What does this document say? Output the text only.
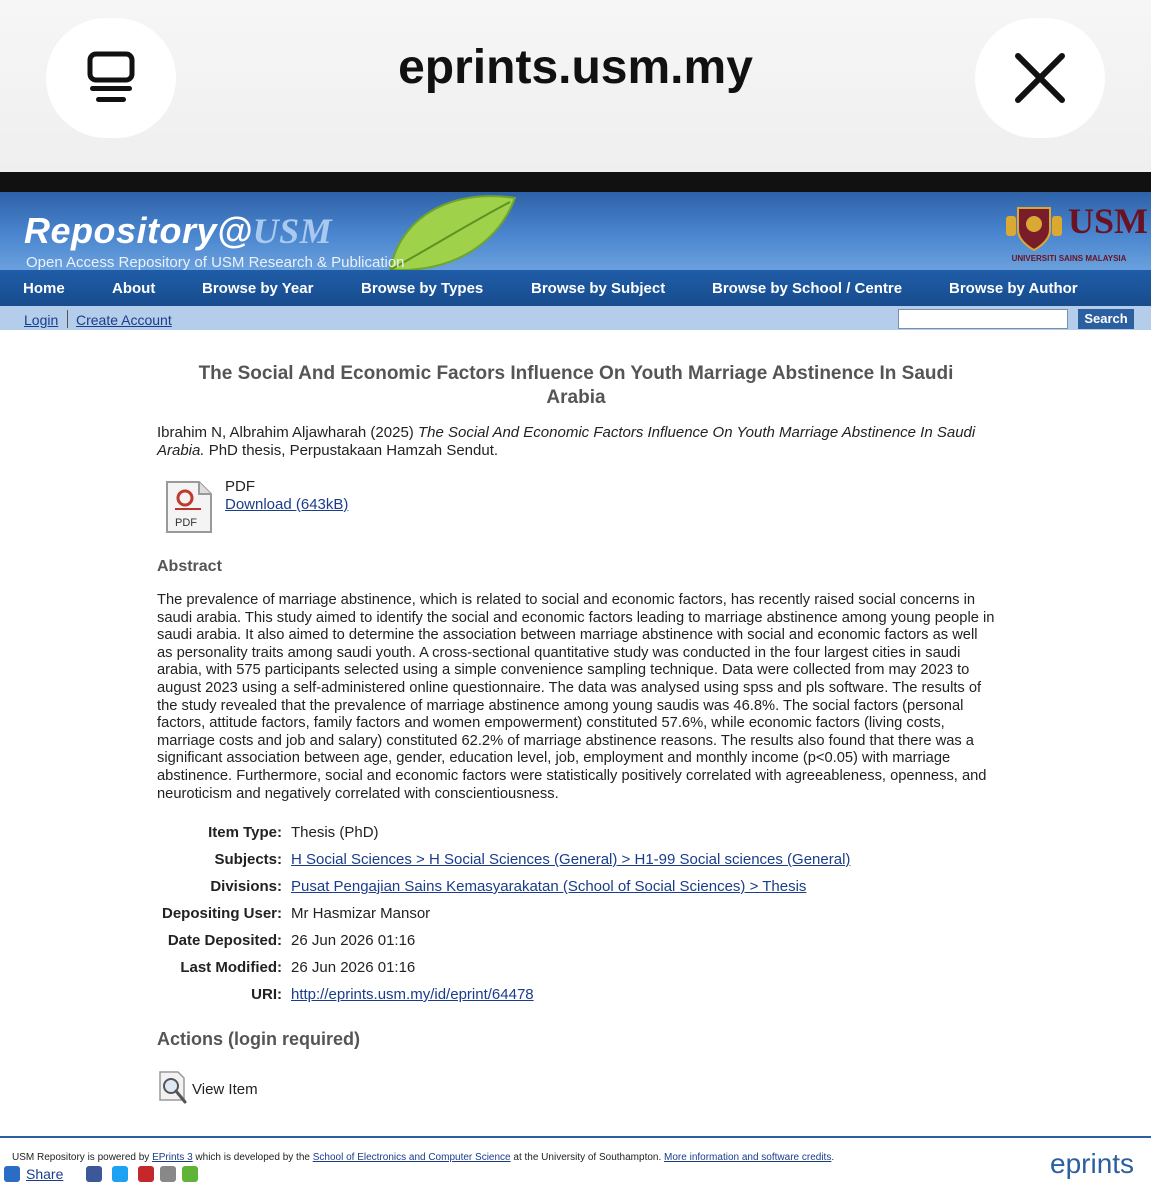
eprints.usm.my
Repository@USM
Open Access Repository of USM Research & Publication
USM
UNIVERSITI SAINS MALAYSIA
Home	About	Browse by Year	Browse by Types	Browse by Subject	Browse by School / Centre	Browse by Author
Login Create Account	Search
The Social And Economic Factors Influence On Youth Marriage Abstinence In Saudi Arabia
Ibrahim N, Albrahim Aljawharah (2025) The Social And Economic Factors Influence On Youth Marriage Abstinence In Saudi Arabia. PhD thesis, Perpustakaan Hamzah Sendut.
PDF
PDF
Download (643kB)
Abstract
The prevalence of marriage abstinence, which is related to social and economic factors, has recently raised social concerns in saudi arabia. This study aimed to identify the social and economic factors leading to marriage abstinence among young people in saudi arabia. It also aimed to determine the association between marriage abstinence with social and economic factors as well as personality traits among saudi youth. A cross-sectional quantitative study was conducted in the four largest cities in saudi arabia, with 575 participants selected using a simple convenience sampling technique. Data were collected from may 2023 to august 2023 using a self-administered online questionnaire. The data was analysed using spss and pls software. The results of the study revealed that the prevalence of marriage abstinence among young saudis was 46.8%. The social factors (personal factors, attitude factors, family factors and women empowerment) constituted 57.6%, while economic factors (living costs, marriage costs and job and salary) constituted 62.2% of marriage abstinence reasons. The results also found that there was a significant association between age, gender, education level, job, employment and monthly income (p<0.05) with marriage abstinence. Furthermore, social and economic factors were statistically positively correlated with agreeableness, openness, and neuroticism and negatively correlated with conscientiousness.
Item Type: Thesis (PhD)
Subjects: H Social Sciences > H Social Sciences (General) > H1-99 Social sciences (General)
Divisions: Pusat Pengajian Sains Kemasyarakatan (School of Social Sciences) > Thesis
Depositing User: Mr Hasmizar Mansor
Date Deposited: 26 Jun 2026 01:16
Last Modified: 26 Jun 2026 01:16
URI: http://eprints.usm.my/id/eprint/64478
Actions (login required)
View Item
USM Repository is powered by EPrints 3 which is developed by the School of Electronics and Computer Science at the University of Southampton. More information and software credits.
Share	eprints
